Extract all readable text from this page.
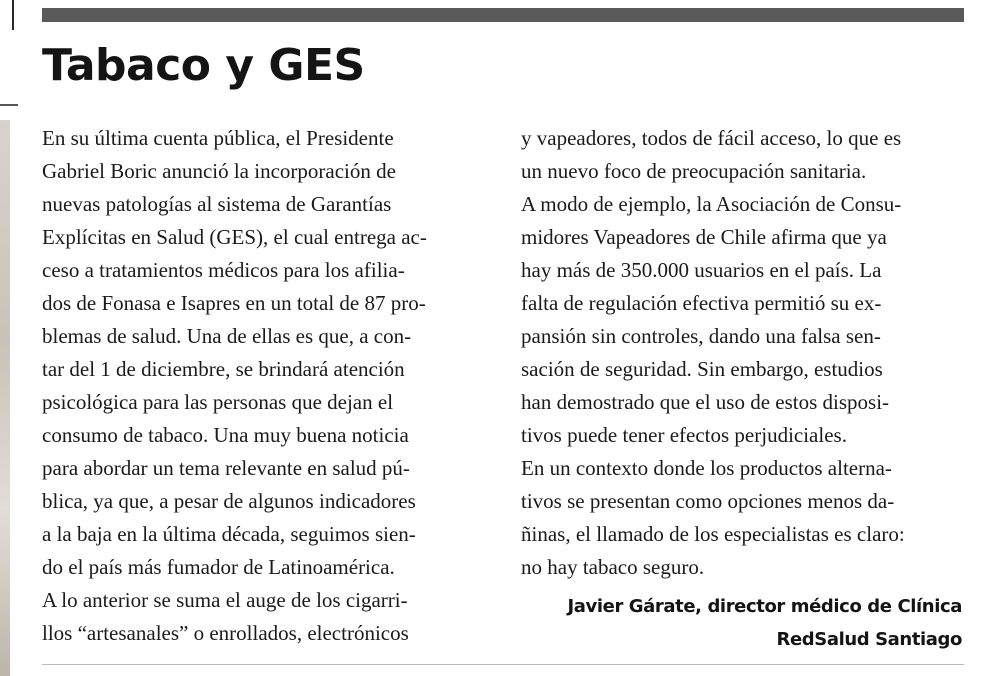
Tabaco y GES
En su última cuenta pública, el Presidente
Gabriel Boric anunció la incorporación de
nuevas patologías al sistema de Garantías
Explícitas en Salud (GES), el cual entrega ac-
ceso a tratamientos médicos para los afilia-
dos de Fonasa e Isapres en un total de 87 pro-
blemas de salud. Una de ellas es que, a con-
tar del 1 de diciembre, se brindará atención
psicológica para las personas que dejan el
consumo de tabaco. Una muy buena noticia
para abordar un tema relevante en salud pú-
blica, ya que, a pesar de algunos indicadores
a la baja en la última década, seguimos sien-
do el país más fumador de Latinoamérica.
A lo anterior se suma el auge de los cigarri-
llos “artesanales” o enrollados, electrónicos
y vapeadores, todos de fácil acceso, lo que es
un nuevo foco de preocupación sanitaria.
A modo de ejemplo, la Asociación de Consu-
midores Vapeadores de Chile afirma que ya
hay más de 350.000 usuarios en el país. La
falta de regulación efectiva permitió su ex-
pansión sin controles, dando una falsa sen-
sación de seguridad. Sin embargo, estudios
han demostrado que el uso de estos disposi-
tivos puede tener efectos perjudiciales.
En un contexto donde los productos alterna-
tivos se presentan como opciones menos da-
ñinas, el llamado de los especialistas es claro:
no hay tabaco seguro.
Javier Gárate, director médico de Clínica
RedSalud Santiago
